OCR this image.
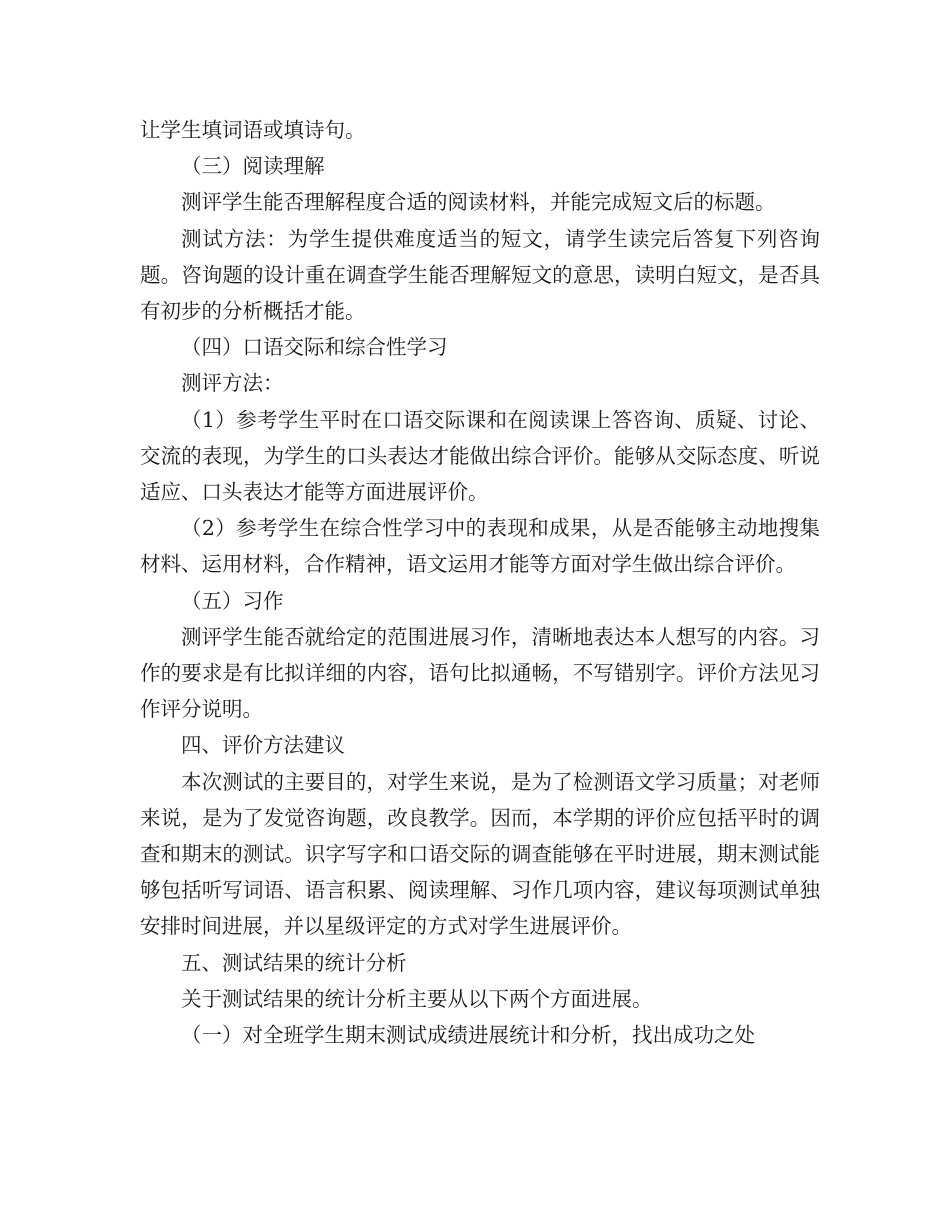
让学生填词语或填诗句。

（三）阅读理解

测评学生能否理解程度合适的阅读材料，并能完成短文后的标题。

测试方法：为学生提供难度适当的短文，请学生读完后答复下列咨询题。咨询题的设计重在调查学生能否理解短文的意思，读明白短文，是否具有初步的分析概括才能。

（四）口语交际和综合性学习

测评方法：

（1）参考学生平时在口语交际课和在阅读课上答咨询、质疑、讨论、交流的表现，为学生的口头表达才能做出综合评价。能够从交际态度、听说适应、口头表达才能等方面进展评价。

（2）参考学生在综合性学习中的表现和成果，从是否能够主动地搜集材料、运用材料，合作精神，语文运用才能等方面对学生做出综合评价。

（五）习作

测评学生能否就给定的范围进展习作，清晰地表达本人想写的内容。习作的要求是有比拟详细的内容，语句比拟通畅，不写错别字。评价方法见习作评分说明。

四、评价方法建议

本次测试的主要目的，对学生来说，是为了检测语文学习质量；对老师来说，是为了发觉咨询题，改良教学。因而，本学期的评价应包括平时的调查和期末的测试。识字写字和口语交际的调查能够在平时进展，期末测试能够包括听写词语、语言积累、阅读理解、习作几项内容，建议每项测试单独安排时间进展，并以星级评定的方式对学生进展评价。

五、测试结果的统计分析

关于测试结果的统计分析主要从以下两个方面进展。

（一）对全班学生期末测试成绩进展统计和分析，找出成功之处
